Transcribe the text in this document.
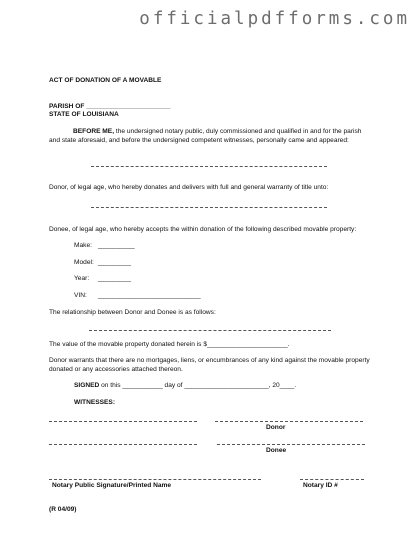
officialpdfforms.com
ACT OF DONATION OF A MOVABLE
PARISH OF _______________________
STATE OF LOUISIANA
BEFORE ME, the undersigned notary public, duly commissioned and qualified in and for the parish and state aforesaid, and before the undersigned competent witnesses, personally came and appeared:
Donor, of legal age, who hereby donates and delivers with full and general warranty of title unto:
Donee, of legal age, who hereby accepts the within donation of the following described movable property:
Make: __________
Model: _________
Year: _________
VIN: ____________________________
The relationship between Donor and Donee is as follows:
The value of the movable property donated herein is $______________________.
Donor warrants that there are no mortgages, liens, or encumbrances of any kind against the movable property donated or any accessories attached thereon.
SIGNED on this ___________ day of _______________________, 20____.
WITNESSES:
Donor
Donee
Notary Public Signature/Printed Name	Notary ID #
(R 04/09)
